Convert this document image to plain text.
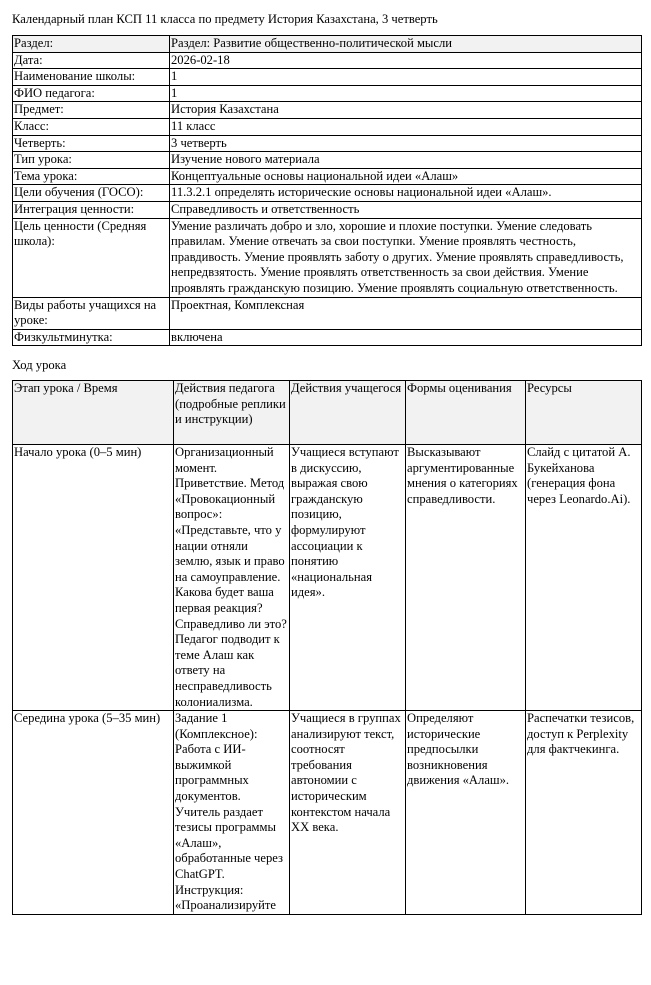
Календарный план КСП 11 класса по предмету История Казахстана, 3 четверть
Раздел:	Раздел: Развитие общественно-политической мысли
Дата:	2026-02-18
Наименование школы:	1
ФИО педагога:	1
Предмет:	История Казахстана
Класс:	11 класс
Четверть:	3 четверть
Тип урока:	Изучение нового материала
Тема урока:	Концептуальные основы национальной идеи «Алаш»
Цели обучения (ГОСО):	11.3.2.1 определять исторические основы национальной идеи «Алаш».
Интеграция ценности:	Справедливость и ответственность
Цель ценности (Средняя школа):	Умение различать добро и зло, хорошие и плохие поступки. Умение следовать правилам. Умение отвечать за свои поступки. Умение проявлять честность, правдивость. Умение проявлять заботу о других. Умение проявлять справедливость, непредвзятость. Умение проявлять ответственность за свои действия. Умение проявлять гражданскую позицию. Умение проявлять социальную ответственность.
Виды работы учащихся на уроке:	Проектная, Комплексная
Физкультминутка:	включена
Ход урока
Этап урока / Время	Действия педагога (подробные реплики и инструкции)	Действия учащегося	Формы оценивания	Ресурсы
Начало урока (0–5 мин)	Организационный момент. Приветствие. Метод «Провокационный вопрос»: «Представьте, что у нации отняли землю, язык и право на самоуправление. Какова будет ваша первая реакция? Справедливо ли это? Педагог подводит к теме Алаш как ответу на несправедливость колониализма.	Учащиеся вступают в дискуссию, выражая свою гражданскую позицию, формулируют ассоциации к понятию «национальная идея».	Высказывают аргументированные мнения о категориях справедливости.	Слайд с цитатой А. Букейханова (генерация фона через Leonardo.Ai).
Середина урока (5–35 мин)	Задание 1 (Комплексное): Работа с ИИ-выжимкой программных документов. Учитель раздает тезисы программы «Алаш», обработанные через ChatGPT. Инструкция: «Проанализируйте	Учащиеся в группах анализируют текст, соотносят требования автономии с историческим контекстом начала XX века.	Определяют исторические предпосылки возникновения движения «Алаш».	Распечатки тезисов, доступ к Perplexity для фактчекинга.
